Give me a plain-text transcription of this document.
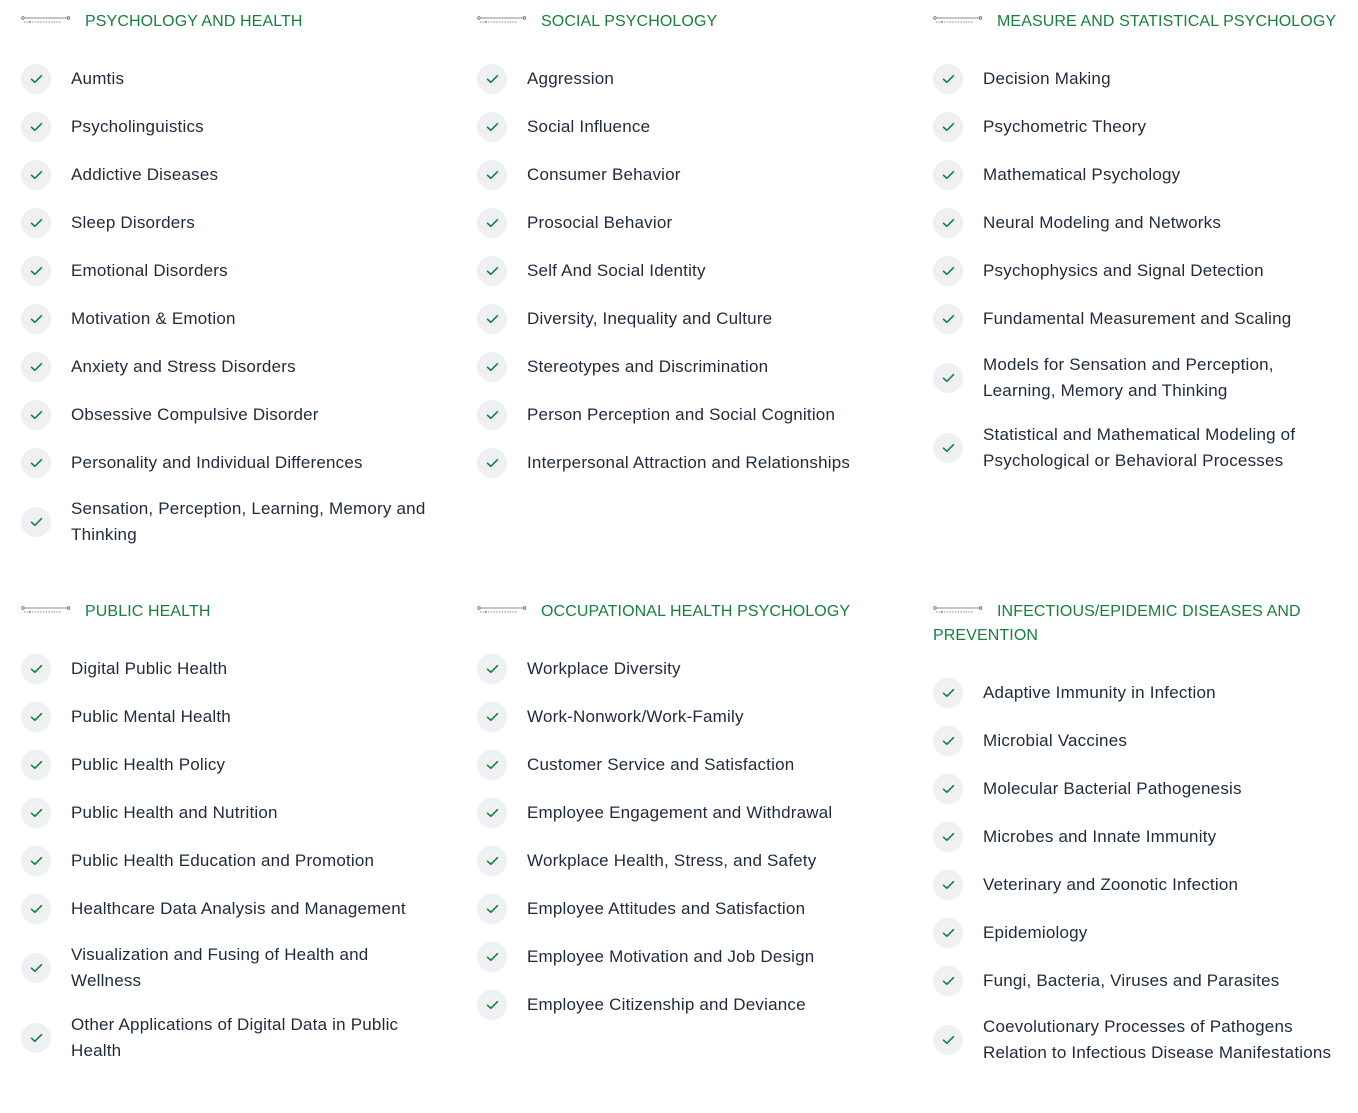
PSYCHOLOGY AND HEALTH
Aumtis
Psycholinguistics
Addictive Diseases
Sleep Disorders
Emotional Disorders
Motivation & Emotion
Anxiety and Stress Disorders
Obsessive Compulsive Disorder
Personality and Individual Differences
Sensation, Perception, Learning, Memory and Thinking
SOCIAL PSYCHOLOGY
Aggression
Social Influence
Consumer Behavior
Prosocial Behavior
Self And Social Identity
Diversity, Inequality and Culture
Stereotypes and Discrimination
Person Perception and Social Cognition
Interpersonal Attraction and Relationships
MEASURE AND STATISTICAL PSYCHOLOGY
Decision Making
Psychometric Theory
Mathematical Psychology
Neural Modeling and Networks
Psychophysics and Signal Detection
Fundamental Measurement and Scaling
Models for Sensation and Perception, Learning, Memory and Thinking
Statistical and Mathematical Modeling of Psychological or Behavioral Processes
PUBLIC HEALTH
Digital Public Health
Public Mental Health
Public Health Policy
Public Health and Nutrition
Public Health Education and Promotion
Healthcare Data Analysis and Management
Visualization and Fusing of Health and Wellness
Other Applications of Digital Data in Public Health
OCCUPATIONAL HEALTH PSYCHOLOGY
Workplace Diversity
Work-Nonwork/Work-Family
Customer Service and Satisfaction
Employee Engagement and Withdrawal
Workplace Health, Stress, and Safety
Employee Attitudes and Satisfaction
Employee Motivation and Job Design
Employee Citizenship and Deviance
INFECTIOUS/EPIDEMIC DISEASES AND PREVENTION
Adaptive Immunity in Infection
Microbial Vaccines
Molecular Bacterial Pathogenesis
Microbes and Innate Immunity
Veterinary and Zoonotic Infection
Epidemiology
Fungi, Bacteria, Viruses and Parasites
Coevolutionary Processes of Pathogens Relation to Infectious Disease Manifestations
